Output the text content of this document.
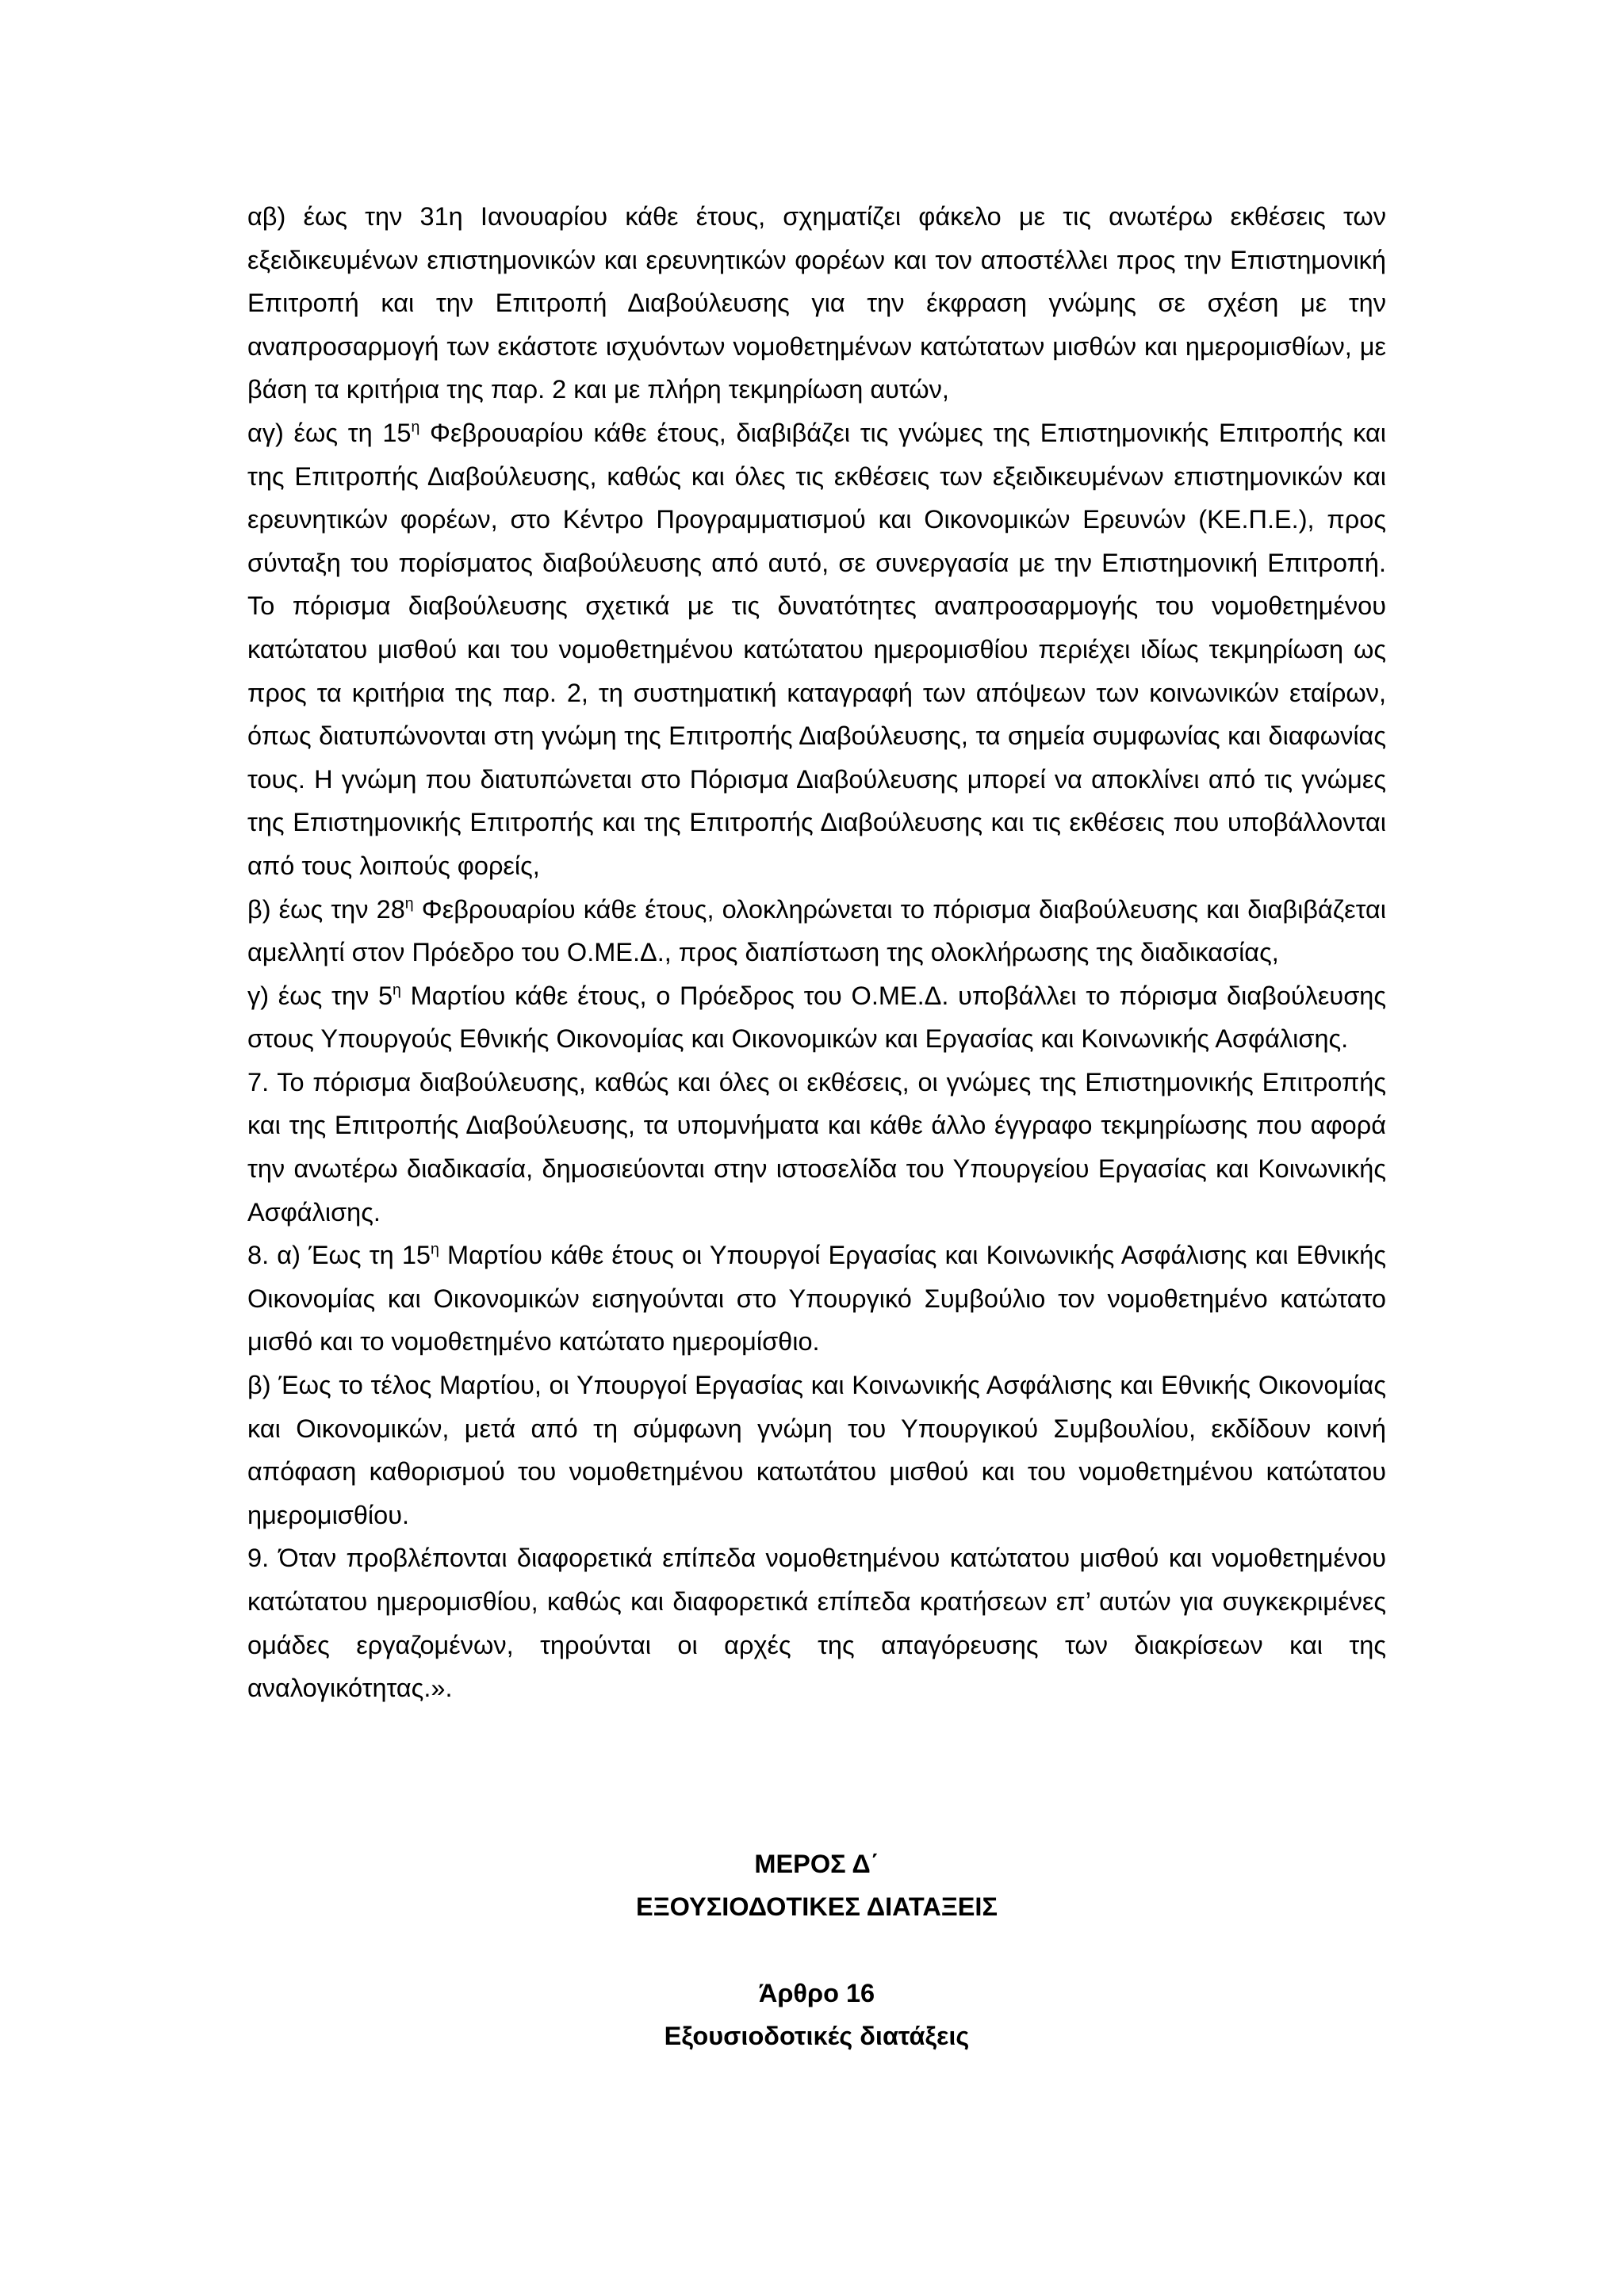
αβ) έως την 31η Ιανουαρίου κάθε έτους, σχηματίζει φάκελο με τις ανωτέρω εκθέσεις των εξειδικευμένων επιστημονικών και ερευνητικών φορέων και τον αποστέλλει προς την Επιστημονική Επιτροπή και την Επιτροπή Διαβούλευσης για την έκφραση γνώμης σε σχέση με την αναπροσαρμογή των εκάστοτε ισχυόντων νομοθετημένων κατώτατων μισθών και ημερομισθίων, με βάση τα κριτήρια της παρ. 2 και με πλήρη τεκμηρίωση αυτών,

αγ) έως τη $15^\eta$ Φεβρουαρίου κάθε έτους, διαβιβάζει τις γνώμες της Επιστημονικής Επιτροπής και της Επιτροπής Διαβούλευσης, καθώς και όλες τις εκθέσεις των εξειδικευμένων επιστημονικών και ερευνητικών φορέων, στο Κέντρο Προγραμματισμού και Οικονομικών Ερευνών (ΚΕ.Π.Ε.), προς σύνταξη του πορίσματος διαβούλευσης από αυτό, σε συνεργασία με την Επιστημονική Επιτροπή. Το πόρισμα διαβούλευσης σχετικά με τις δυνατότητες αναπροσαρμογής του νομοθετημένου κατώτατου μισθού και του νομοθετημένου κατώτατου ημερομισθίου περιέχει ιδίως τεκμηρίωση ως προς τα κριτήρια της παρ. 2, τη συστηματική καταγραφή των απόψεων των κοινωνικών εταίρων, όπως διατυπώνονται στη γνώμη της Επιτροπής Διαβούλευσης, τα σημεία συμφωνίας και διαφωνίας τους. Η γνώμη που διατυπώνεται στο Πόρισμα Διαβούλευσης μπορεί να αποκλίνει από τις γνώμες της Επιστημονικής Επιτροπής και της Επιτροπής Διαβούλευσης και τις εκθέσεις που υποβάλλονται από τους λοιπούς φορείς,

β) έως την $28^\eta$ Φεβρουαρίου κάθε έτους, ολοκληρώνεται το πόρισμα διαβούλευσης και διαβιβάζεται αμελλητί στον Πρόεδρο του Ο.ΜΕ.Δ., προς διαπίστωση της ολοκλήρωσης της διαδικασίας,

γ) έως την $5^\eta$ Μαρτίου κάθε έτους, ο Πρόεδρος του Ο.ΜΕ.Δ. υποβάλλει το πόρισμα διαβούλευσης στους Υπουργούς Εθνικής Οικονομίας και Οικονομικών και Εργασίας και Κοινωνικής Ασφάλισης.

7. Το πόρισμα διαβούλευσης, καθώς και όλες οι εκθέσεις, οι γνώμες της Επιστημονικής Επιτροπής και της Επιτροπής Διαβούλευσης, τα υπομνήματα και κάθε άλλο έγγραφο τεκμηρίωσης που αφορά την ανωτέρω διαδικασία, δημοσιεύονται στην ιστοσελίδα του Υπουργείου Εργασίας και Κοινωνικής Ασφάλισης.

8. α) Έως τη $15^\eta$ Μαρτίου κάθε έτους οι Υπουργοί Εργασίας και Κοινωνικής Ασφάλισης και Εθνικής Οικονομίας και Οικονομικών εισηγούνται στο Υπουργικό Συμβούλιο τον νομοθετημένο κατώτατο μισθό και το νομοθετημένο κατώτατο ημερομίσθιο.

β) Έως το τέλος Μαρτίου, οι Υπουργοί Εργασίας και Κοινωνικής Ασφάλισης και Εθνικής Οικονομίας και Οικονομικών, μετά από τη σύμφωνη γνώμη του Υπουργικού Συμβουλίου, εκδίδουν κοινή απόφαση καθορισμού του νομοθετημένου κατωτάτου μισθού και του νομοθετημένου κατώτατου ημερομισθίου.

9. Όταν προβλέπονται διαφορετικά επίπεδα νομοθετημένου κατώτατου μισθού και νομοθετημένου κατώτατου ημερομισθίου, καθώς και διαφορετικά επίπεδα κρατήσεων επ’ αυτών για συγκεκριμένες ομάδες εργαζομένων, τηρούνται οι αρχές της απαγόρευσης των διακρίσεων και της αναλογικότητας.».

ΜΕΡΟΣ Δ΄
ΕΞΟΥΣΙΟΔΟΤΙΚΕΣ ΔΙΑΤΑΞΕΙΣ
Άρθρο 16
Εξουσιοδοτικές διατάξεις
